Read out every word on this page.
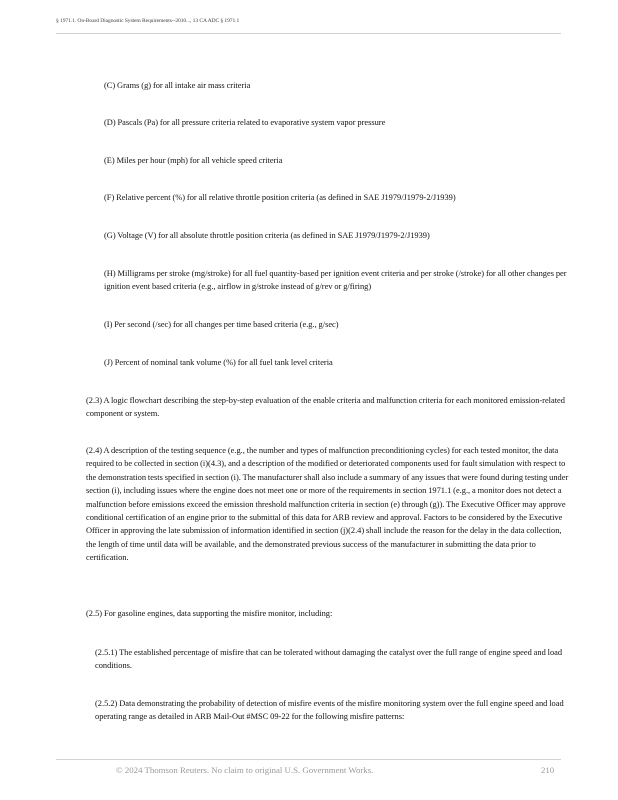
§ 1971.1. On-Board Diagnostic System Requirements--2010..., 13 CA ADC § 1971.1

(C) Grams (g) for all intake air mass criteria

(D) Pascals (Pa) for all pressure criteria related to evaporative system vapor pressure

(E) Miles per hour (mph) for all vehicle speed criteria

(F) Relative percent (%) for all relative throttle position criteria (as defined in SAE J1979/J1979-2/J1939)

(G) Voltage (V) for all absolute throttle position criteria (as defined in SAE J1979/J1979-2/J1939)

(H) Milligrams per stroke (mg/stroke) for all fuel quantity-based per ignition event criteria and per stroke (/stroke) for all other changes per ignition event based criteria (e.g., airflow in g/stroke instead of g/rev or g/firing)

(I) Per second (/sec) for all changes per time based criteria (e.g., g/sec)

(J) Percent of nominal tank volume (%) for all fuel tank level criteria

(2.3) A logic flowchart describing the step-by-step evaluation of the enable criteria and malfunction criteria for each monitored emission-related component or system.

(2.4) A description of the testing sequence (e.g., the number and types of malfunction preconditioning cycles) for each tested monitor, the data required to be collected in section (i)(4.3), and a description of the modified or deteriorated components used for fault simulation with respect to the demonstration tests specified in section (i). The manufacturer shall also include a summary of any issues that were found during testing under section (i), including issues where the engine does not meet one or more of the requirements in section 1971.1 (e.g., a monitor does not detect a malfunction before emissions exceed the emission threshold malfunction criteria in section (e) through (g)). The Executive Officer may approve conditional certification of an engine prior to the submittal of this data for ARB review and approval. Factors to be considered by the Executive Officer in approving the late submission of information identified in section (j)(2.4) shall include the reason for the delay in the data collection, the length of time until data will be available, and the demonstrated previous success of the manufacturer in submitting the data prior to certification.

(2.5) For gasoline engines, data supporting the misfire monitor, including:

(2.5.1) The established percentage of misfire that can be tolerated without damaging the catalyst over the full range of engine speed and load conditions.

(2.5.2) Data demonstrating the probability of detection of misfire events of the misfire monitoring system over the full engine speed and load operating range as detailed in ARB Mail-Out #MSC 09-22 for the following misfire patterns:

© 2024 Thomson Reuters. No claim to original U.S. Government Works.	210
